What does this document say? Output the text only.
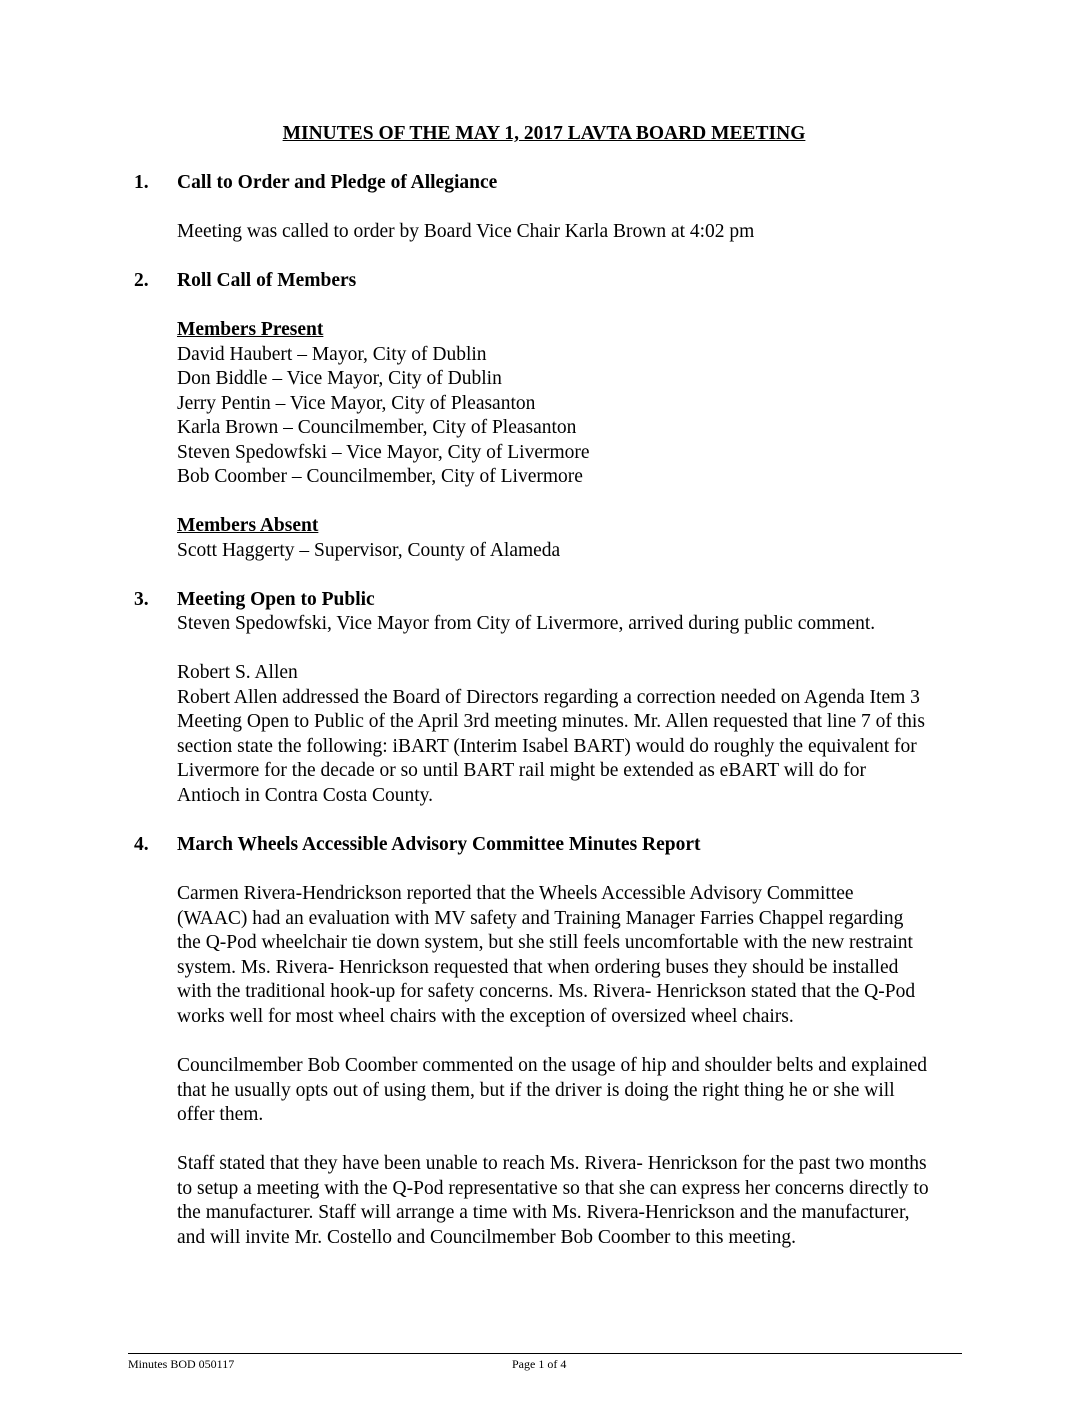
MINUTES OF THE MAY 1, 2017 LAVTA BOARD MEETING
1. Call to Order and Pledge of Allegiance

Meeting was called to order by Board Vice Chair Karla Brown at 4:02 pm

2. Roll Call of Members

Members Present

David Haubert – Mayor, City of Dublin

Don Biddle – Vice Mayor, City of Dublin

Jerry Pentin – Vice Mayor, City of Pleasanton

Karla Brown – Councilmember, City of Pleasanton

Steven Spedowfski – Vice Mayor, City of Livermore

Bob Coomber – Councilmember, City of Livermore

Members Absent

Scott Haggerty – Supervisor, County of Alameda

3. Meeting Open to Public

Steven Spedowfski, Vice Mayor from City of Livermore, arrived during public comment.

Robert S. Allen

Robert Allen addressed the Board of Directors regarding a correction needed on Agenda Item 3

Meeting Open to Public of the April 3rd meeting minutes. Mr. Allen requested that line 7 of this

section state the following: iBART (Interim Isabel BART) would do roughly the equivalent for

Livermore for the decade or so until BART rail might be extended as eBART will do for

Antioch in Contra Costa County.

4. March Wheels Accessible Advisory Committee Minutes Report

Carmen Rivera-Hendrickson reported that the Wheels Accessible Advisory Committee

(WAAC) had an evaluation with MV safety and Training Manager Farries Chappel regarding

the Q-Pod wheelchair tie down system, but she still feels uncomfortable with the new restraint

system. Ms. Rivera- Henrickson requested that when ordering buses they should be installed

with the traditional hook-up for safety concerns. Ms. Rivera- Henrickson stated that the Q-Pod

works well for most wheel chairs with the exception of oversized wheel chairs.

Councilmember Bob Coomber commented on the usage of hip and shoulder belts and explained

that he usually opts out of using them, but if the driver is doing the right thing he or she will

offer them.

Staff stated that they have been unable to reach Ms. Rivera- Henrickson for the past two months

to setup a meeting with the Q-Pod representative so that she can express her concerns directly to

the manufacturer. Staff will arrange a time with Ms. Rivera-Henrickson and the manufacturer,

and will invite Mr. Costello and Councilmember Bob Coomber to this meeting.

Minutes BOD 050117	Page 1 of 4
